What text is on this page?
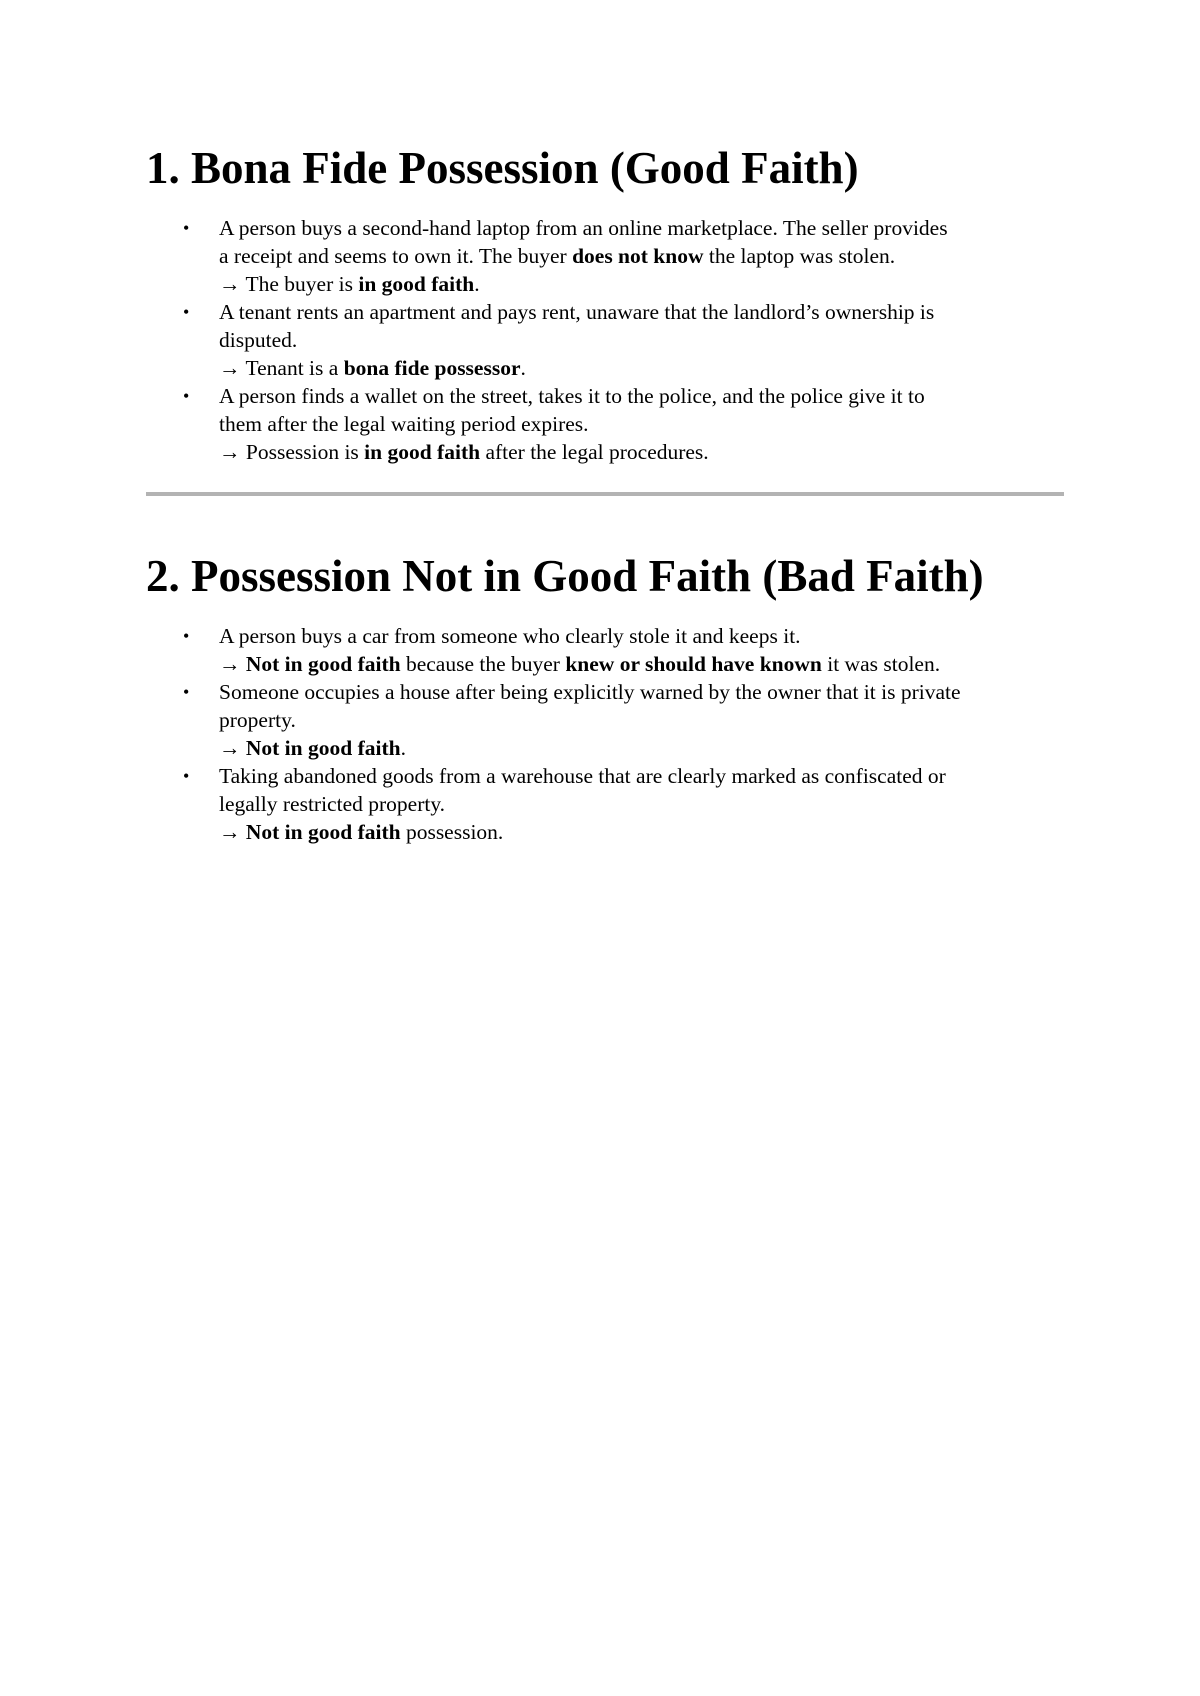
1. Bona Fide Possession (Good Faith)
• A person buys a second-hand laptop from an online marketplace. The seller provides
a receipt and seems to own it. The buyer does not know the laptop was stolen.
→ The buyer is in good faith.
• A tenant rents an apartment and pays rent, unaware that the landlord’s ownership is
disputed.
→ Tenant is a bona fide possessor.
• A person finds a wallet on the street, takes it to the police, and the police give it to
them after the legal waiting period expires.
→ Possession is in good faith after the legal procedures.
2. Possession Not in Good Faith (Bad Faith)
• A person buys a car from someone who clearly stole it and keeps it.
→ Not in good faith because the buyer knew or should have known it was stolen.
• Someone occupies a house after being explicitly warned by the owner that it is private
property.
→ Not in good faith.
• Taking abandoned goods from a warehouse that are clearly marked as confiscated or
legally restricted property.
→ Not in good faith possession.
